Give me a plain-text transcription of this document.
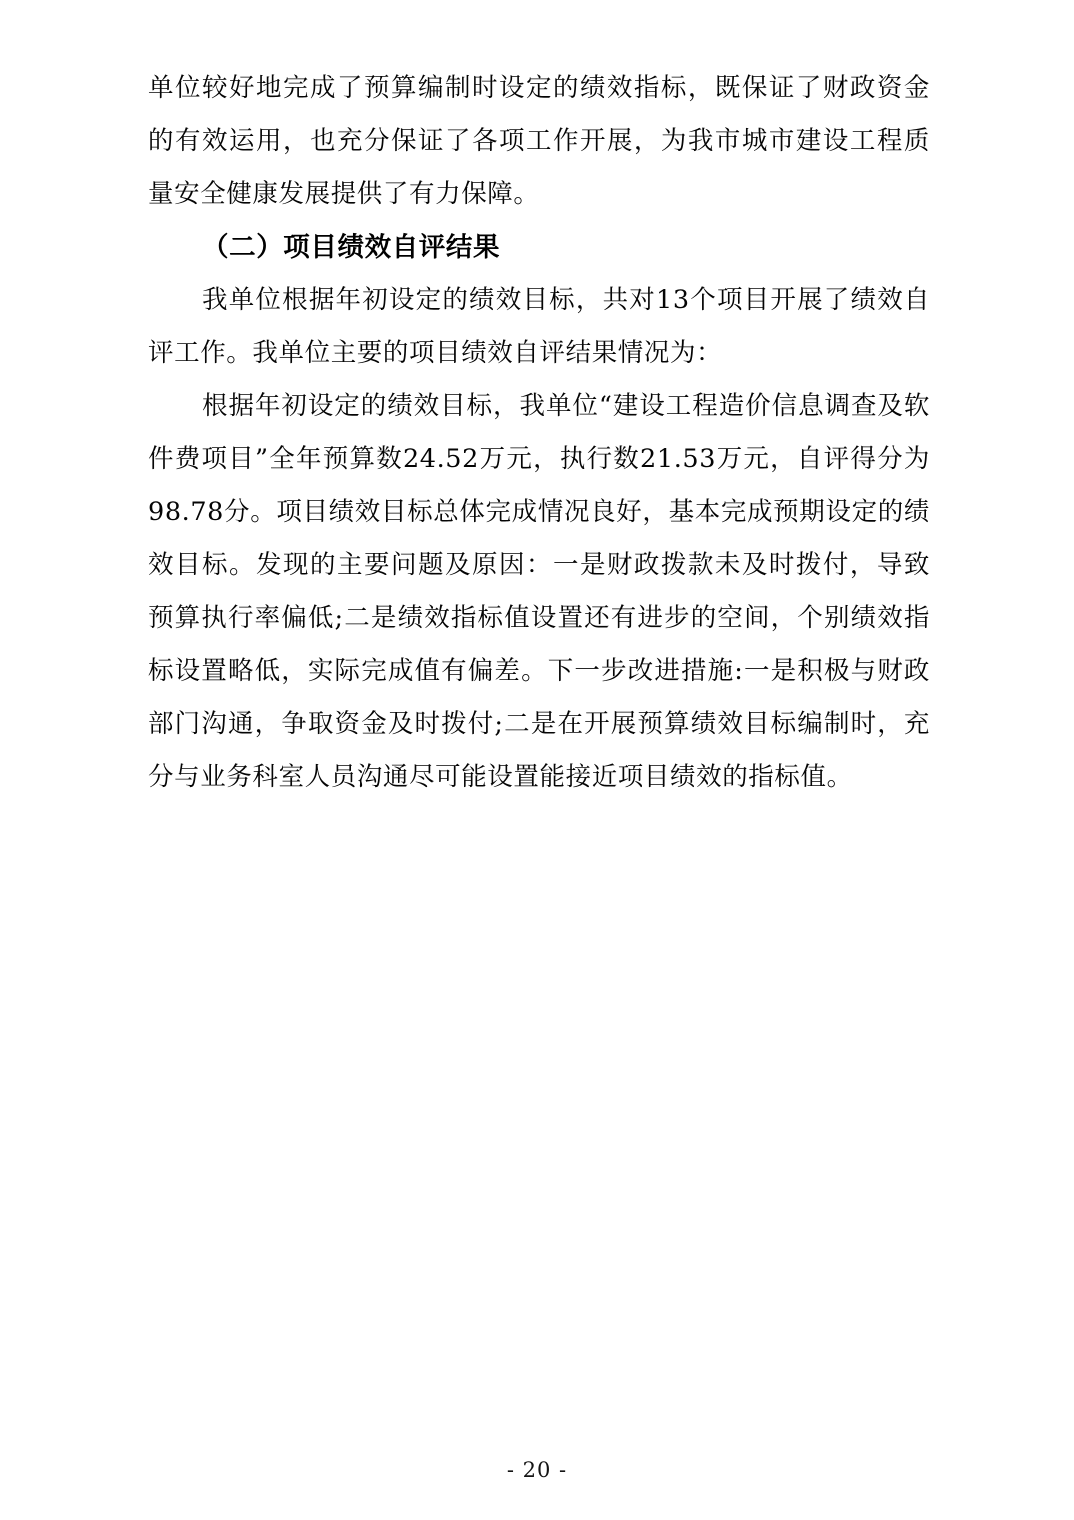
单位较好地完成了预算编制时设定的绩效指标，既保证了财政资金的有效运用，也充分保证了各项工作开展，为我市城市建设工程质量安全健康发展提供了有力保障。

（二）项目绩效自评结果

我单位根据年初设定的绩效目标，共对13个项目开展了绩效自评工作。我单位主要的项目绩效自评结果情况为：

根据年初设定的绩效目标，我单位“建设工程造价信息调查及软件费项目”全年预算数24.52万元，执行数21.53万元，自评得分为98.78分。项目绩效目标总体完成情况良好，基本完成预期设定的绩效目标。发现的主要问题及原因：一是财政拨款未及时拨付，导致预算执行率偏低;二是绩效指标值设置还有进步的空间，个别绩效指标设置略低，实际完成值有偏差。下一步改进措施:一是积极与财政部门沟通，争取资金及时拨付;二是在开展预算绩效目标编制时，充分与业务科室人员沟通尽可能设置能接近项目绩效的指标值。

- 20 -
